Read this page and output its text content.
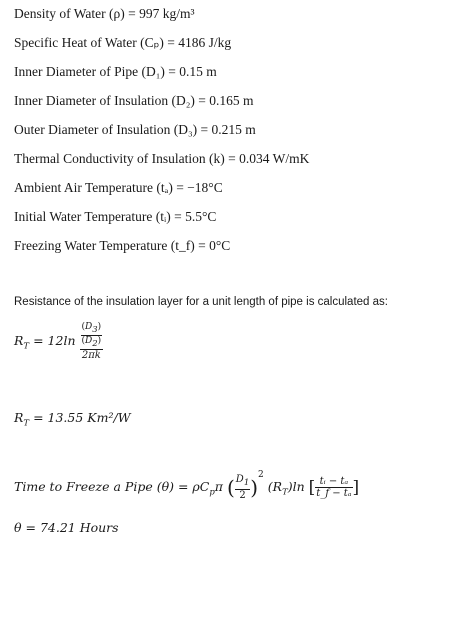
Density of Water (ρ) = 997 kg/m³
Specific Heat of Water (Cₚ) = 4186 J/kg
Inner Diameter of Pipe (D₁) = 0.15 m
Inner Diameter of Insulation (D₂) = 0.165 m
Outer Diameter of Insulation (D₃) = 0.215 m
Thermal Conductivity of Insulation (k) = 0.034 W/mK
Ambient Air Temperature (tₐ) = −18°C
Initial Water Temperature (tᵢ) = 5.5°C
Freezing Water Temperature (t_f) = 0°C
Resistance of the insulation layer for a unit length of pipe is calculated as:
$R_T = 12\ln \frac{\frac{(D_3)}{(D_2)}}{2\pi k}$
$R_T = 13.55$ Km²/W
Time to Freeze a Pipe $(\theta) = \rho C_p\pi$ ( $\frac{D_1}{2} )^2$ $(R_T)\ln$ [ $\frac{\text{tᵢ − tₐ}}{\text{t\_f − tₐ}}$ ]
θ = 74.21 Hours
